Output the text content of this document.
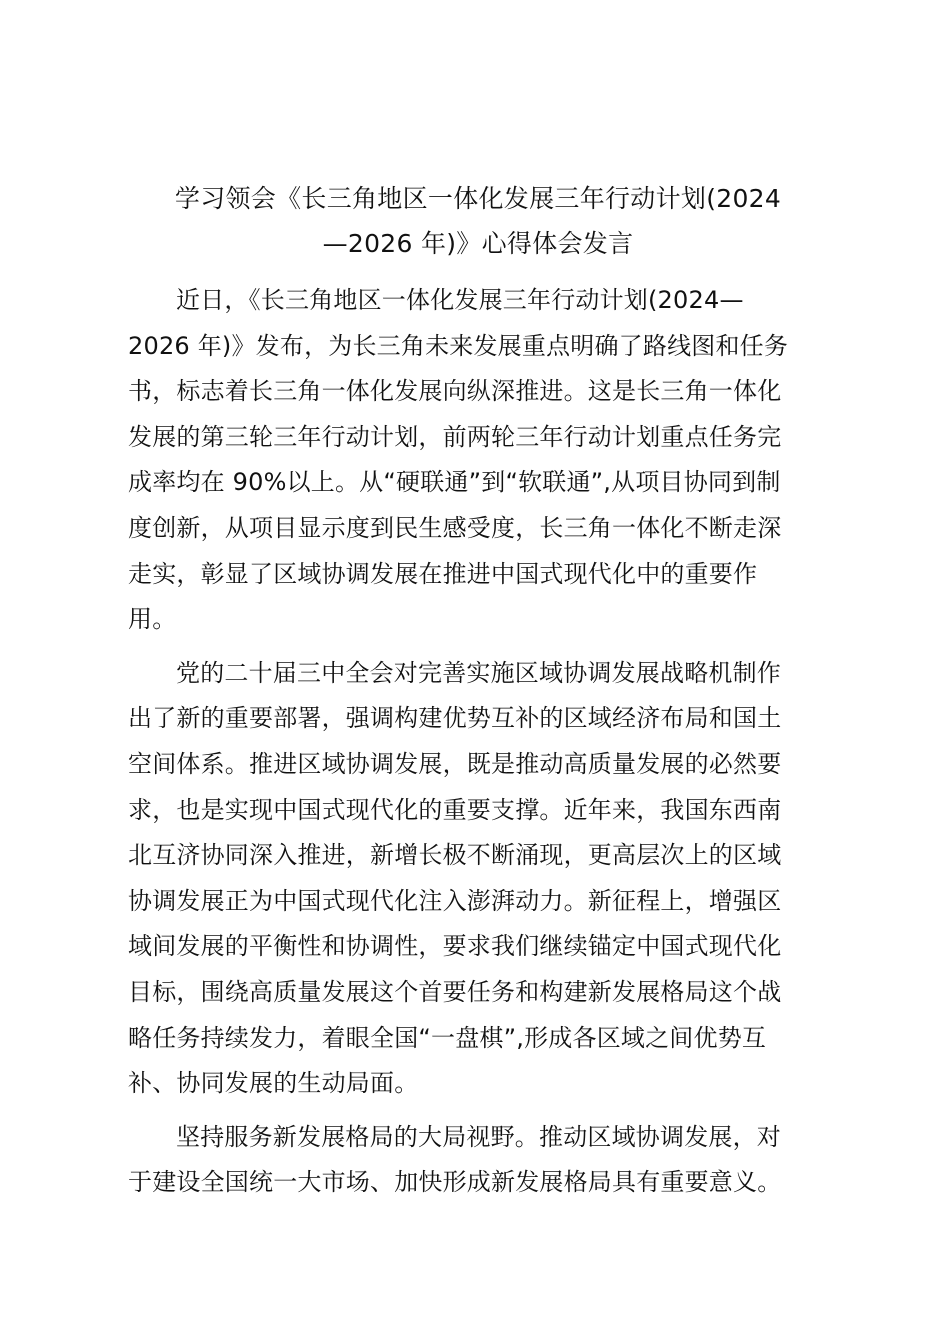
学习领会《长三角地区一体化发展三年行动计划(2024
—2026 年)》心得体会发言

近日，《长三角地区一体化发展三年行动计划(2024—
2026 年)》发布，为长三角未来发展重点明确了路线图和任务
书，标志着长三角一体化发展向纵深推进。这是长三角一体化
发展的第三轮三年行动计划，前两轮三年行动计划重点任务完
成率均在 90%以上。从“硬联通”到“软联通”,从项目协同到制
度创新，从项目显示度到民生感受度，长三角一体化不断走深
走实，彰显了区域协调发展在推进中国式现代化中的重要作
用。

党的二十届三中全会对完善实施区域协调发展战略机制作
出了新的重要部署，强调构建优势互补的区域经济布局和国土
空间体系。推进区域协调发展，既是推动高质量发展的必然要
求，也是实现中国式现代化的重要支撑。近年来，我国东西南
北互济协同深入推进，新增长极不断涌现，更高层次上的区域
协调发展正为中国式现代化注入澎湃动力。新征程上，增强区
域间发展的平衡性和协调性，要求我们继续锚定中国式现代化
目标，围绕高质量发展这个首要任务和构建新发展格局这个战
略任务持续发力，着眼全国“一盘棋”,形成各区域之间优势互
补、协同发展的生动局面。

坚持服务新发展格局的大局视野。推动区域协调发展，对
于建设全国统一大市场、加快形成新发展格局具有重要意义。
